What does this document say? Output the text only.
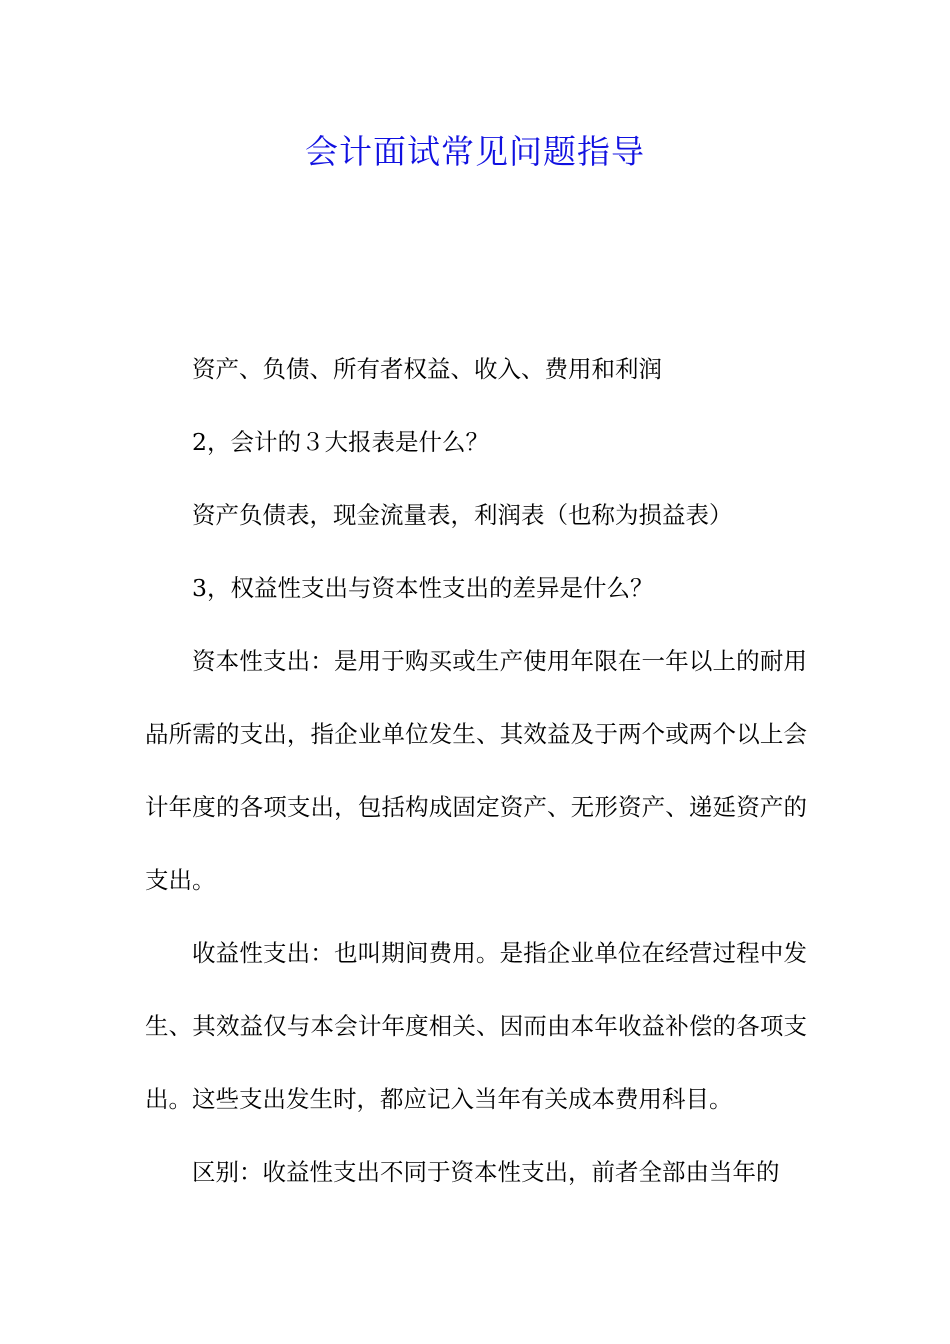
会计面试常见问题指导

资产、负债、所有者权益、收入、费用和利润

2，会计的３大报表是什么？

资产负债表，现金流量表，利润表（也称为损益表）

3，权益性支出与资本性支出的差异是什么？

资本性支出：是用于购买或生产使用年限在一年以上的耐用品所需的支出，指企业单位发生、其效益及于两个或两个以上会计年度的各项支出，包括构成固定资产、无形资产、递延资产的支出。

收益性支出：也叫期间费用。是指企业单位在经营过程中发生、其效益仅与本会计年度相关、因而由本年收益补偿的各项支出。这些支出发生时，都应记入当年有关成本费用科目。

区别：收益性支出不同于资本性支出，前者全部由当年的
